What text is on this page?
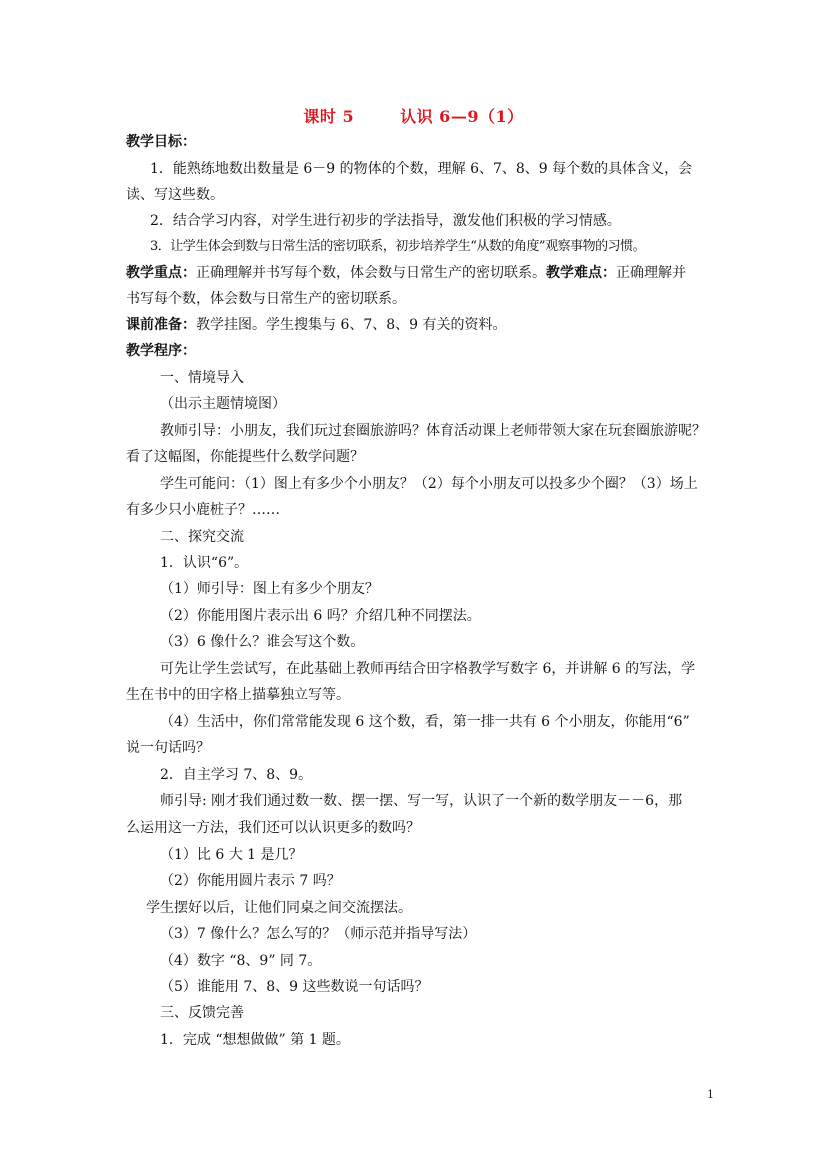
课时 5	认识 6—9（1）
教学目标：
1．能熟练地数出数量是 6－9 的物体的个数，理解 6、7、8、9 每个数的具体含义，会
读、写这些数。
2．结合学习内容，对学生进行初步的学法指导，激发他们积极的学习情感。
3．让学生体会到数与日常生活的密切联系，初步培养学生“从数的角度”观察事物的习惯。
教学重点：正确理解并书写每个数，体会数与日常生产的密切联系。教学难点：正确理解并
书写每个数，体会数与日常生产的密切联系。
课前准备：教学挂图。学生搜集与 6、7、8、9 有关的资料。
教学程序：
一、情境导入
（出示主题情境图）
教师引导：小朋友，我们玩过套圈旅游吗？体育活动课上老师带领大家在玩套圈旅游呢？
看了这幅图，你能提些什么数学问题？
学生可能问：（1）图上有多少个小朋友？（2）每个小朋友可以投多少个圈？（3）场上
有多少只小鹿桩子？……
二、探究交流
1．认识“6”。
（1）师引导：图上有多少个朋友？
（2）你能用图片表示出 6 吗？介绍几种不同摆法。
（3）6 像什么？谁会写这个数。
可先让学生尝试写，在此基础上教师再结合田字格教学写数字 6，并讲解 6 的写法，学
生在书中的田字格上描摹独立写等。
（4）生活中，你们常常能发现 6 这个数，看，第一排一共有 6 个小朋友，你能用“6”
说一句话吗？
2．自主学习 7、8、9。
师引导: 刚才我们通过数一数、摆一摆、写一写，认识了一个新的数学朋友－－6，那
么运用这一方法，我们还可以认识更多的数吗？
（1）比 6 大 1 是几？
（2）你能用圆片表示 7 吗？
学生摆好以后，让他们同桌之间交流摆法。
（3）7 像什么？怎么写的？（师示范并指导写法）
（4）数字 “8、9” 同 7。
（5）谁能用 7、8、9 这些数说一句话吗？
三、反馈完善
1．完成 “想想做做” 第 1 题。
1
